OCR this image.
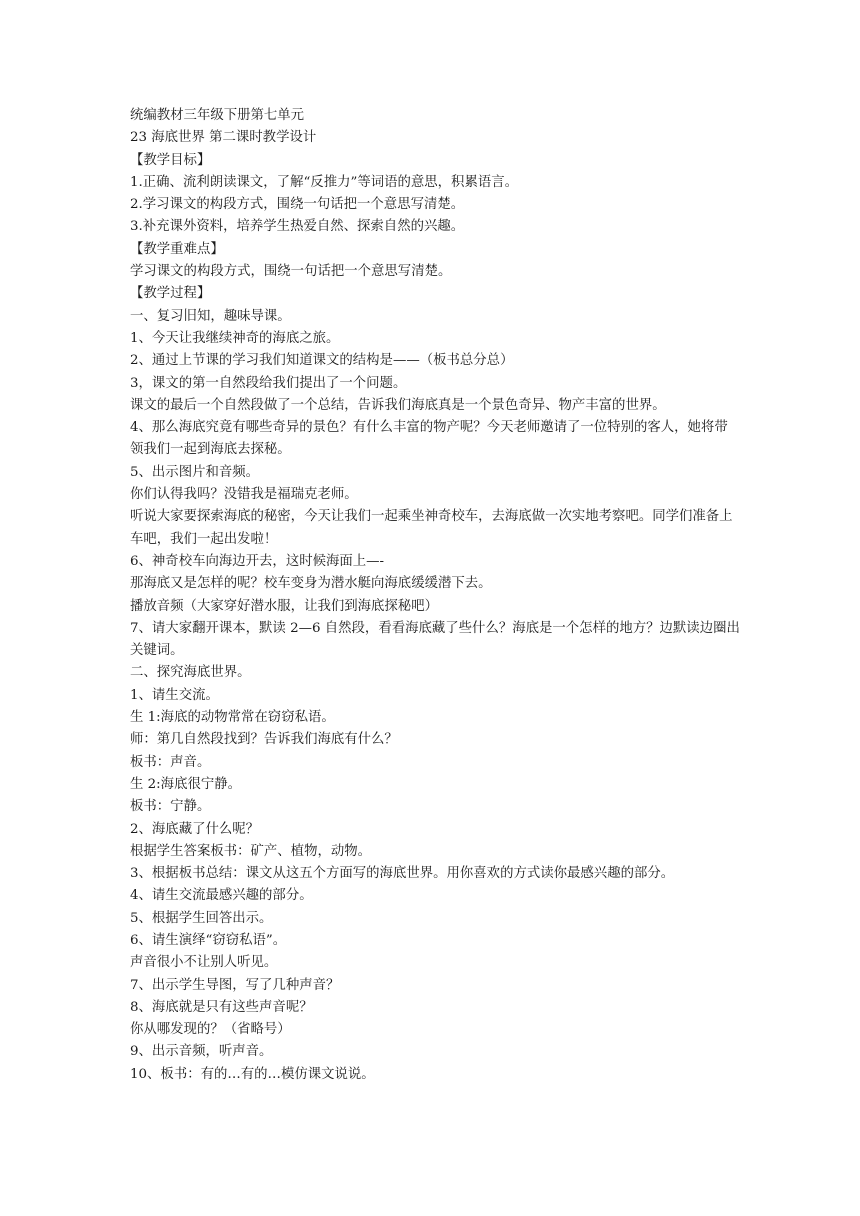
统编教材三年级下册第七单元

23 海底世界 第二课时教学设计

【教学目标】

1.正确、流利朗读课文，了解“反推力”等词语的意思，积累语言。

2.学习课文的构段方式，围绕一句话把一个意思写清楚。

3.补充课外资料，培养学生热爱自然、探索自然的兴趣。

【教学重难点】

学习课文的构段方式，围绕一句话把一个意思写清楚。

【教学过程】

一、复习旧知，趣味导课。

1、今天让我继续神奇的海底之旅。

2、通过上节课的学习我们知道课文的结构是——（板书总分总）

3，课文的第一自然段给我们提出了一个问题。

课文的最后一个自然段做了一个总结，告诉我们海底真是一个景色奇异、物产丰富的世界。

4、那么海底究竟有哪些奇异的景色？有什么丰富的物产呢？今天老师邀请了一位特别的客人，她将带领我们一起到海底去探秘。

5、出示图片和音频。

你们认得我吗？没错我是福瑞克老师。

听说大家要探索海底的秘密，今天让我们一起乘坐神奇校车，去海底做一次实地考察吧。同学们准备上车吧，我们一起出发啦！

6、神奇校车向海边开去，这时候海面上—-

那海底又是怎样的呢？校车变身为潜水艇向海底缓缓潜下去。

播放音频（大家穿好潜水服，让我们到海底探秘吧）

7、请大家翻开课本，默读 2—6 自然段，看看海底藏了些什么？海底是一个怎样的地方？边默读边圈出关键词。

二、探究海底世界。

1、请生交流。

生 1:海底的动物常常在窃窃私语。

师：第几自然段找到？告诉我们海底有什么？

板书：声音。

生 2:海底很宁静。

板书：宁静。

2、海底藏了什么呢？

根据学生答案板书：矿产、植物，动物。

3、根据板书总结：课文从这五个方面写的海底世界。用你喜欢的方式读你最感兴趣的部分。

4、请生交流最感兴趣的部分。

5、根据学生回答出示。

6、请生演绎“窃窃私语”。

声音很小不让别人听见。

7、出示学生导图，写了几种声音？

8、海底就是只有这些声音呢？

你从哪发现的？（省略号）

9、出示音频，听声音。

10、板书：有的…有的…模仿课文说说。
